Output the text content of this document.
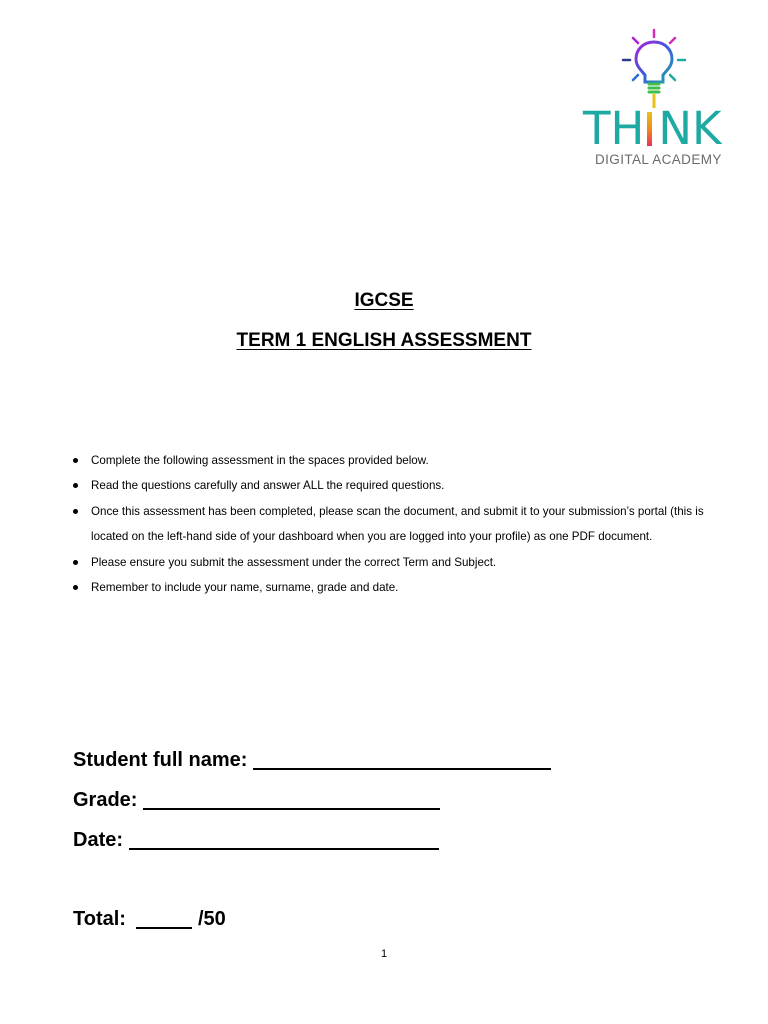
TH NK
DIGITAL ACADEMY
IGCSE
TERM 1 ENGLISH ASSESSMENT
Complete the following assessment in the spaces provided below.
Read the questions carefully and answer ALL the required questions.
Once this assessment has been completed, please scan the document, and submit it to your submission’s portal (this is located on the left-hand side of your dashboard when you are logged into your profile) as one PDF document.
Please ensure you submit the assessment under the correct Term and Subject.
Remember to include your name, surname, grade and date.
Student full name:
Grade:
Date:
Total:	/50
1
